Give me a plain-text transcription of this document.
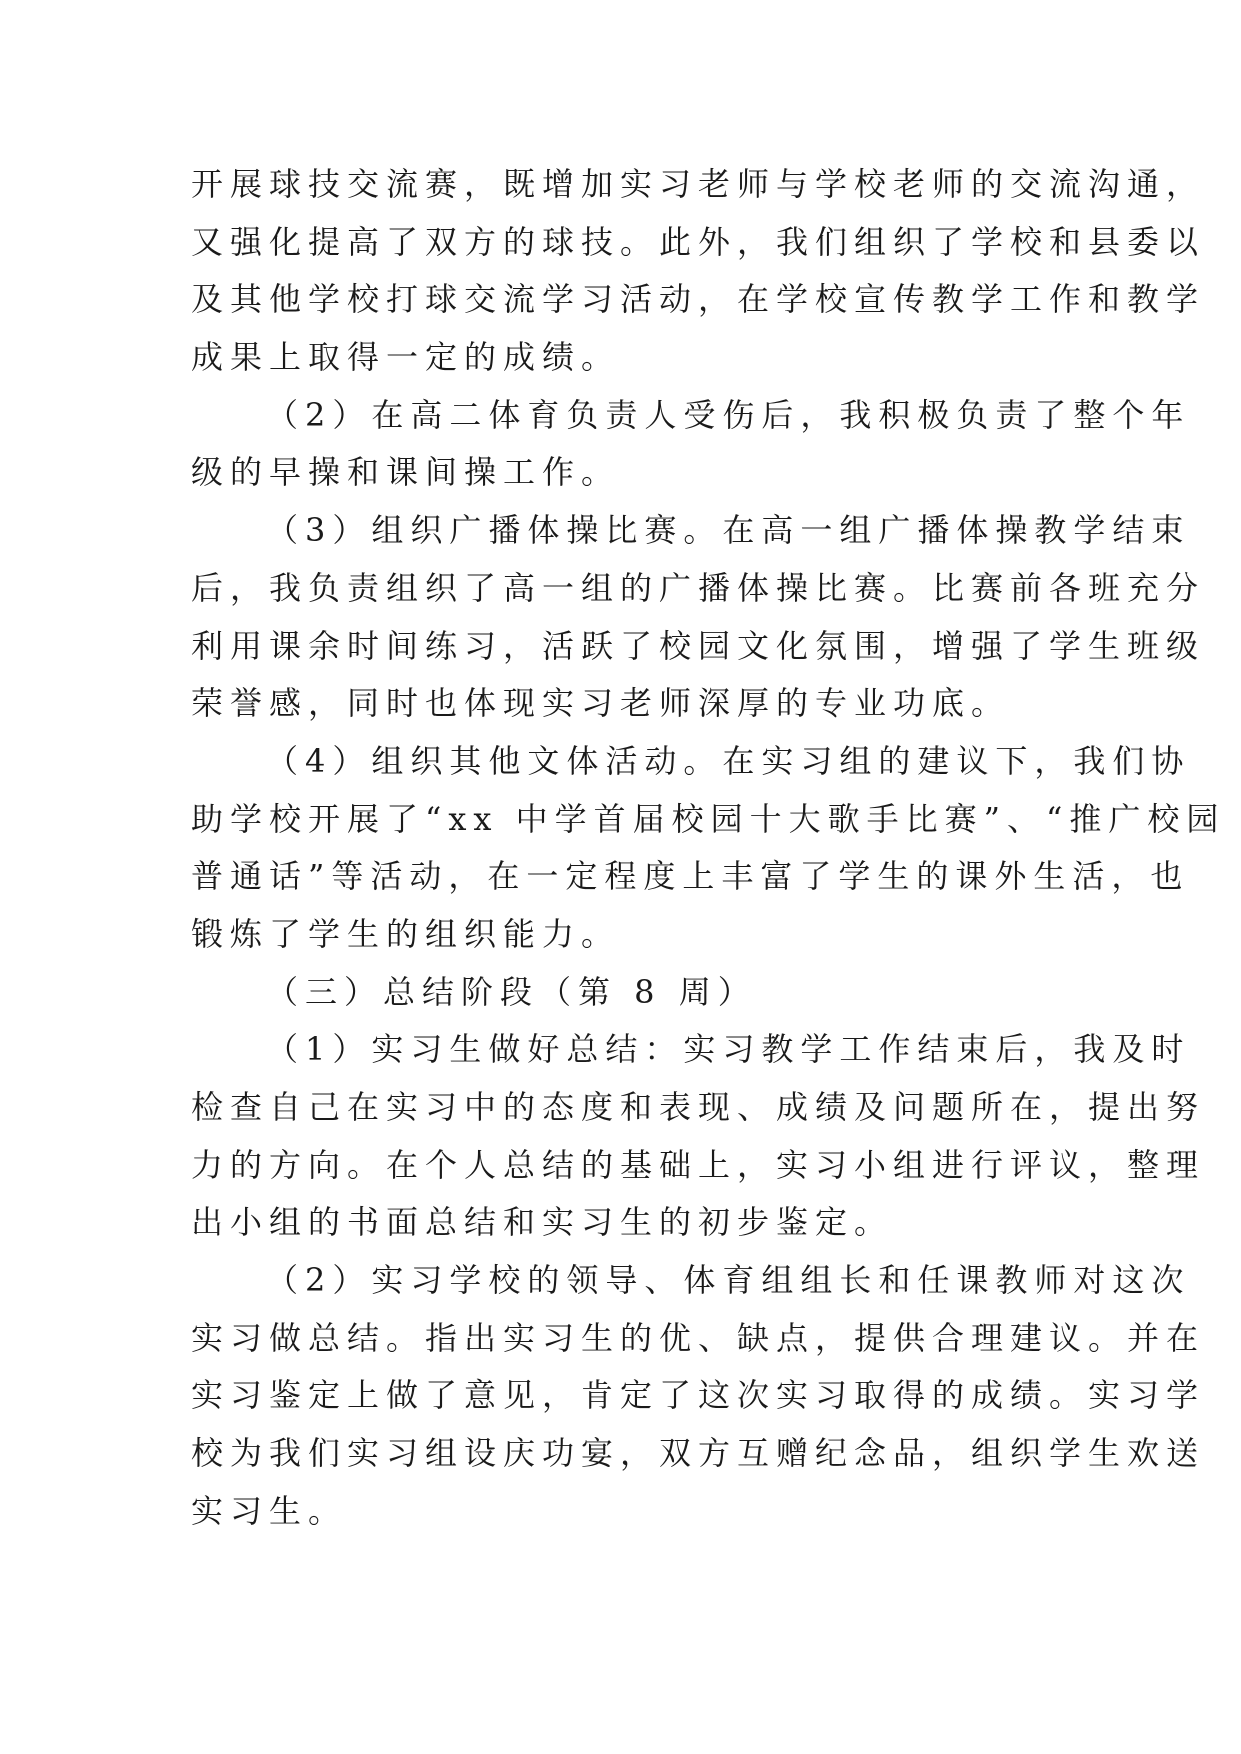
开展球技交流赛，既增加实习老师与学校老师的交流沟通，
又强化提高了双方的球技。此外，我们组织了学校和县委以
及其他学校打球交流学习活动，在学校宣传教学工作和教学
成果上取得一定的成绩。
（2）在高二体育负责人受伤后，我积极负责了整个年
级的早操和课间操工作。
（3）组织广播体操比赛。在高一组广播体操教学结束
后，我负责组织了高一组的广播体操比赛。比赛前各班充分
利用课余时间练习，活跃了校园文化氛围，增强了学生班级
荣誉感，同时也体现实习老师深厚的专业功底。
（4）组织其他文体活动。在实习组的建议下，我们协
助学校开展了“xx 中学首届校园十大歌手比赛”、“推广校园
普通话”等活动，在一定程度上丰富了学生的课外生活，也
锻炼了学生的组织能力。
（三）总结阶段（第 8 周）
（1）实习生做好总结：实习教学工作结束后，我及时
检查自己在实习中的态度和表现、成绩及问题所在，提出努
力的方向。在个人总结的基础上，实习小组进行评议，整理
出小组的书面总结和实习生的初步鉴定。
（2）实习学校的领导、体育组组长和任课教师对这次
实习做总结。指出实习生的优、缺点，提供合理建议。并在
实习鉴定上做了意见，肯定了这次实习取得的成绩。实习学
校为我们实习组设庆功宴，双方互赠纪念品，组织学生欢送
实习生。
